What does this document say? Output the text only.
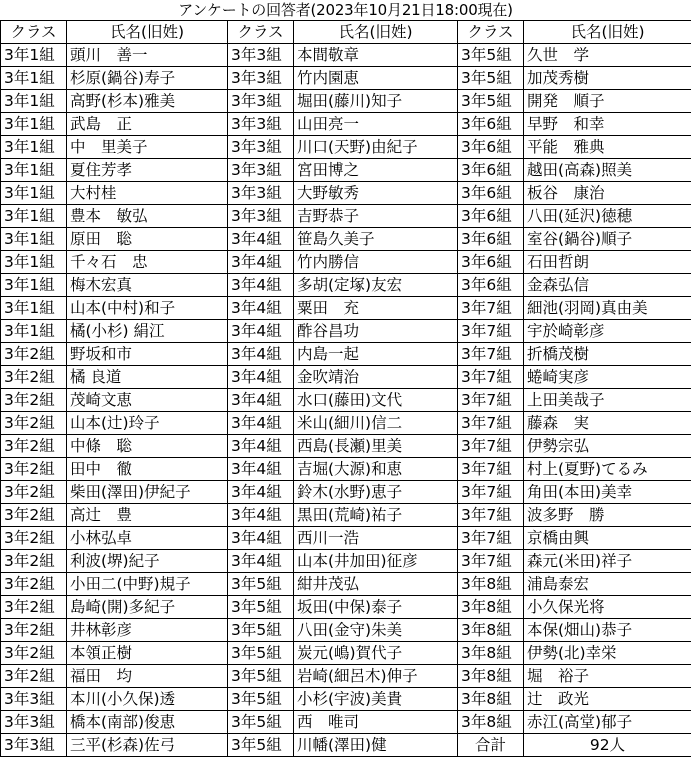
アンケートの回答者(2023年10月21日18:00現在)
クラス	氏名(旧姓)	クラス	氏名(旧姓)	クラス	氏名(旧姓)
3年1組	頭川　善一	3年3組	本間敬章	3年5組	久世　学
3年1組	杉原(鍋谷)寿子	3年3組	竹内園恵	3年5組	加茂秀樹
3年1組	高野(杉本)雅美	3年3組	堀田(藤川)知子	3年5組	開発　順子
3年1組	武島　正	3年3組	山田亮一	3年6組	早野　和幸
3年1組	中　里美子	3年3組	川口(天野)由紀子	3年6組	平能　雅典
3年1組	夏住芳孝	3年3組	宮田博之	3年6組	越田(高森)照美
3年1組	大村桂	3年3組	大野敏秀	3年6組	板谷　康治
3年1組	豊本　敏弘	3年3組	吉野恭子	3年6組	八田(延沢)徳穂
3年1組	原田　聡	3年4組	笹島久美子	3年6組	室谷(鍋谷)順子
3年1組	千々石　忠	3年4組	竹内勝信	3年6組	石田哲朗
3年1組	梅木宏真	3年4組	多胡(定塚)友宏	3年6組	金森弘信
3年1組	山本(中村)和子	3年4組	粟田　充	3年7組	細池(羽岡)真由美
3年1組	橘(小杉) 絹江	3年4組	酢谷昌功	3年7組	宇於崎彰彦
3年2組	野坂和市	3年4組	内島一起	3年7組	折橋茂樹
3年2組	橘 良道	3年4組	金吹靖治	3年7組	蜷崎実彦
3年2組	茂崎文恵	3年4組	水口(藤田)文代	3年7組	上田美哉子
3年2組	山本(辻)玲子	3年4組	米山(細川)信二	3年7組	藤森　実
3年2組	中條　聡	3年4組	西島(長瀬)里美	3年7組	伊勢宗弘
3年2組	田中　徹	3年4組	吉堀(大源)和恵	3年7組	村上(夏野)てるみ
3年2組	柴田(澤田)伊紀子	3年4組	鈴木(水野)恵子	3年7組	角田(本田)美幸
3年2組	高辻　豊	3年4組	黒田(荒崎)祐子	3年7組	波多野　勝
3年2組	小林弘卓	3年4組	西川一浩	3年7組	京橋由興
3年2組	利波(堺)紀子	3年4組	山本(井加田)征彦	3年7組	森元(米田)祥子
3年2組	小田二(中野)規子	3年5組	紺井茂弘	3年8組	浦島泰宏
3年2組	島崎(開)多紀子	3年5組	坂田(中保)泰子	3年8組	小久保光将
3年2組	井林彰彦	3年5組	八田(金守)朱美	3年8組	本保(畑山)恭子
3年2組	本領正樹	3年5組	炭元(嶋)賀代子	3年8組	伊勢(北)幸栄
3年2組	福田　均	3年5組	岩崎(細呂木)伸子	3年8組	堀　裕子
3年3組	本川(小久保)透	3年5組	小杉(宇波)美貴	3年8組	辻　政光
3年3組	橋本(南部)俊恵	3年5組	西　唯司	3年8組	赤江(高堂)郁子
3年3組	三平(杉森)佐弓	3年5組	川幡(澤田)健	合計	92人
